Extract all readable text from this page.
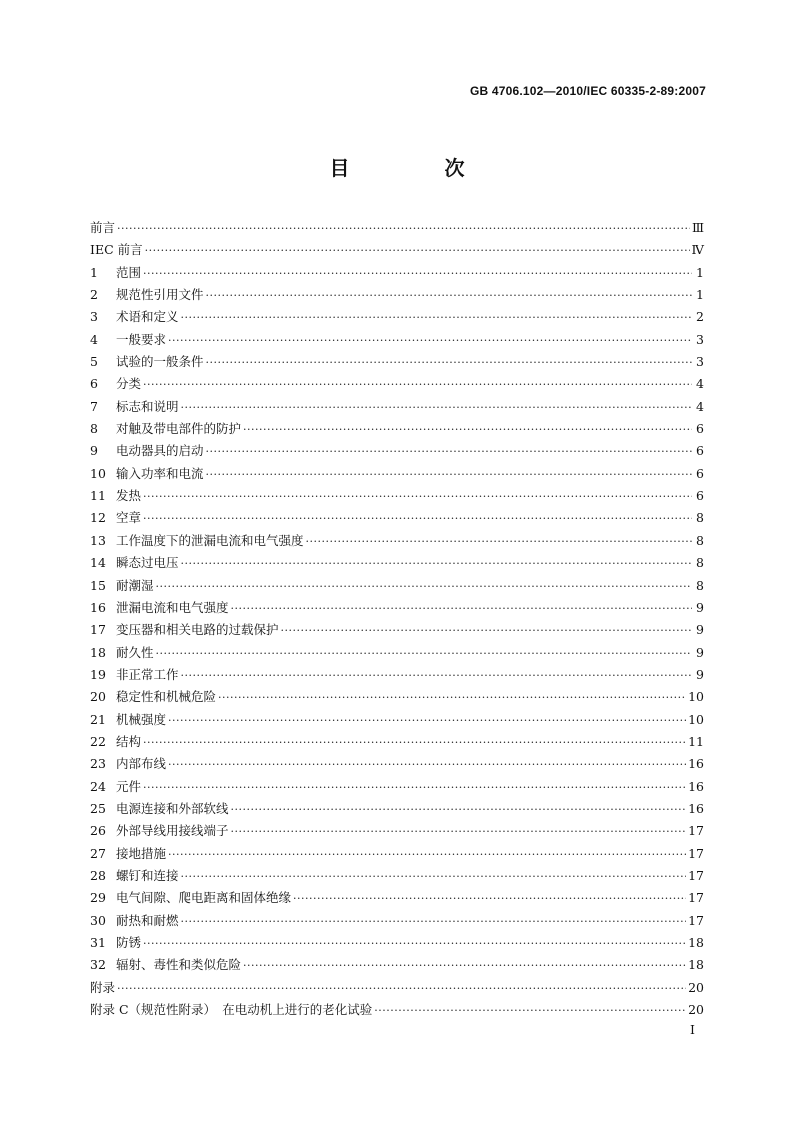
GB 4706.102—2010/IEC 60335-2-89:2007
目 次
前言 ·····	Ⅲ
IEC 前言 ·····	Ⅳ
1	范围 ·····	1
2	规范性引用文件 ·····	1
3	术语和定义 ·····	2
4	一般要求 ·····	3
5	试验的一般条件 ·····	3
6	分类 ·····	4
7	标志和说明 ·····	4
8	对触及带电部件的防护 ·····	6
9	电动器具的启动 ·····	6
10 输入功率和电流 ·····	6
11 发热 ·····	6
12 空章 ·····	8
13 工作温度下的泄漏电流和电气强度 ·····	8
14 瞬态过电压 ·····	8
15 耐潮湿 ·····	8
16 泄漏电流和电气强度 ·····	9
17 变压器和相关电路的过载保护 ·····	9
18 耐久性 ·····	9
19 非正常工作 ·····	9
20 稳定性和机械危险 ·····	10
21 机械强度 ·····	10
22 结构 ·····	11
23 内部布线 ·····	16
24 元件 ·····	16
25 电源连接和外部软线 ·····	16
26 外部导线用接线端子 ·····	17
27 接地措施 ·····	17
28 螺钉和连接 ·····	17
29 电气间隙、爬电距离和固体绝缘 ·····	17
30 耐热和耐燃 ·····	17
31 防锈 ·····	18
32 辐射、毒性和类似危险 ·····	18
附录 ·····	20
附录 C（规范性附录）　在电动机上进行的老化试验 ·····	20
I
